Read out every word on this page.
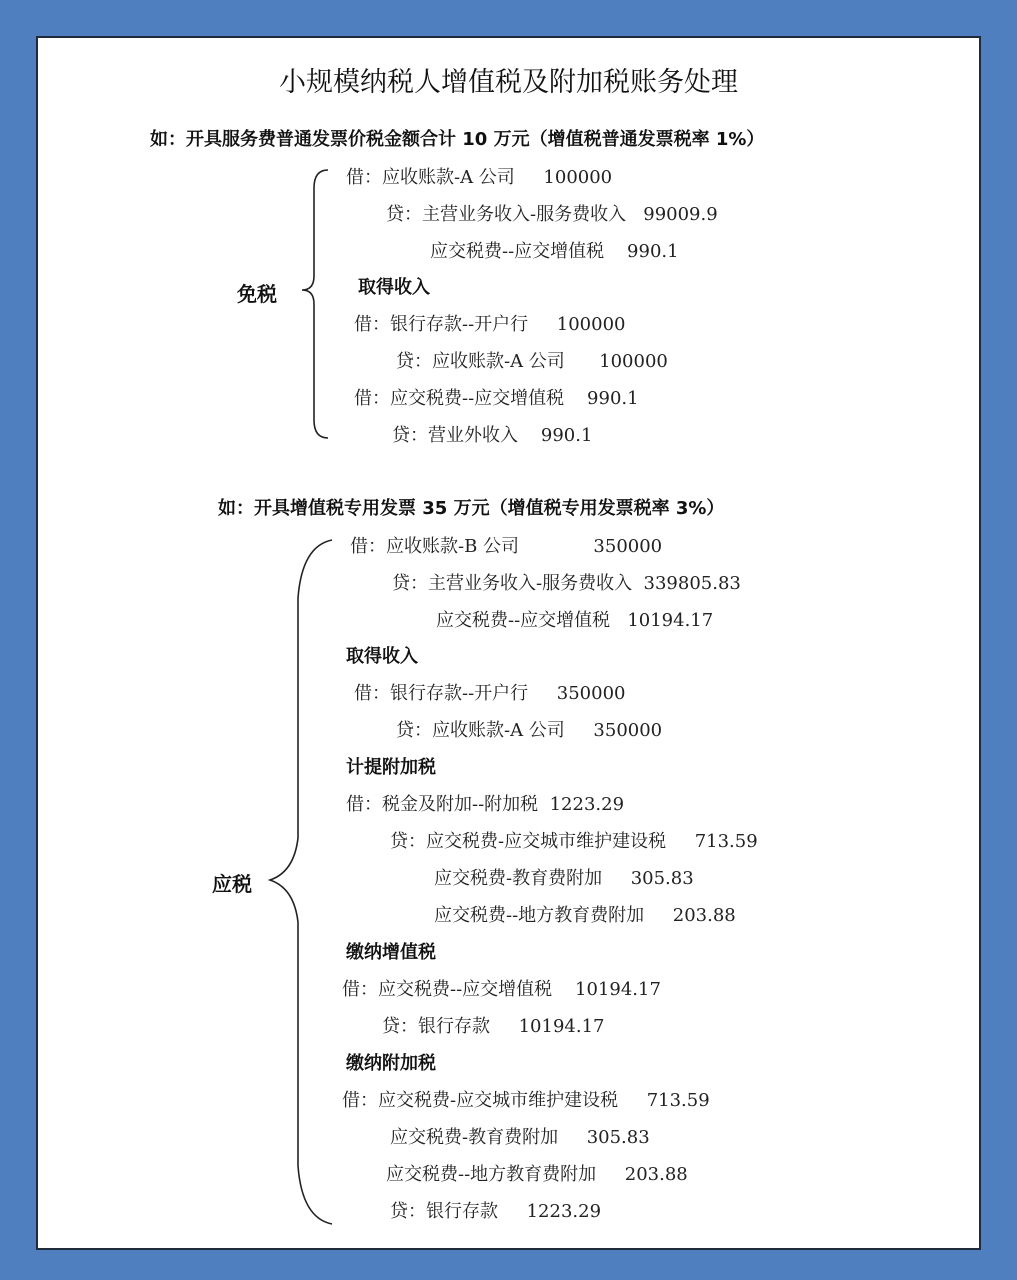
小规模纳税人增值税及附加税账务处理
如：开具服务费普通发票价税金额合计 10 万元（增值税普通发票税率 1%）
免税
借：应收账款-A 公司     100000
贷：主营业务收入-服务费收入   99009.9
应交税费--应交增值税    990.1
取得收入
借：银行存款--开户行     100000
贷：应收账款-A 公司      100000
借：应交税费--应交增值税    990.1
贷：营业外收入    990.1
如：开具增值税专用发票 35 万元（增值税专用发票税率 3%）
应税
借：应收账款-B 公司             350000
贷：主营业务收入-服务费收入  339805.83
应交税费--应交增值税   10194.17
取得收入
借：银行存款--开户行     350000
贷：应收账款-A 公司     350000
计提附加税
借：税金及附加--附加税  1223.29
贷：应交税费-应交城市维护建设税     713.59
应交税费-教育费附加     305.83
应交税费--地方教育费附加     203.88
缴纳增值税
借：应交税费--应交增值税    10194.17
贷：银行存款     10194.17
缴纳附加税
借：应交税费-应交城市维护建设税     713.59
应交税费-教育费附加     305.83
应交税费--地方教育费附加     203.88
贷：银行存款     1223.29
